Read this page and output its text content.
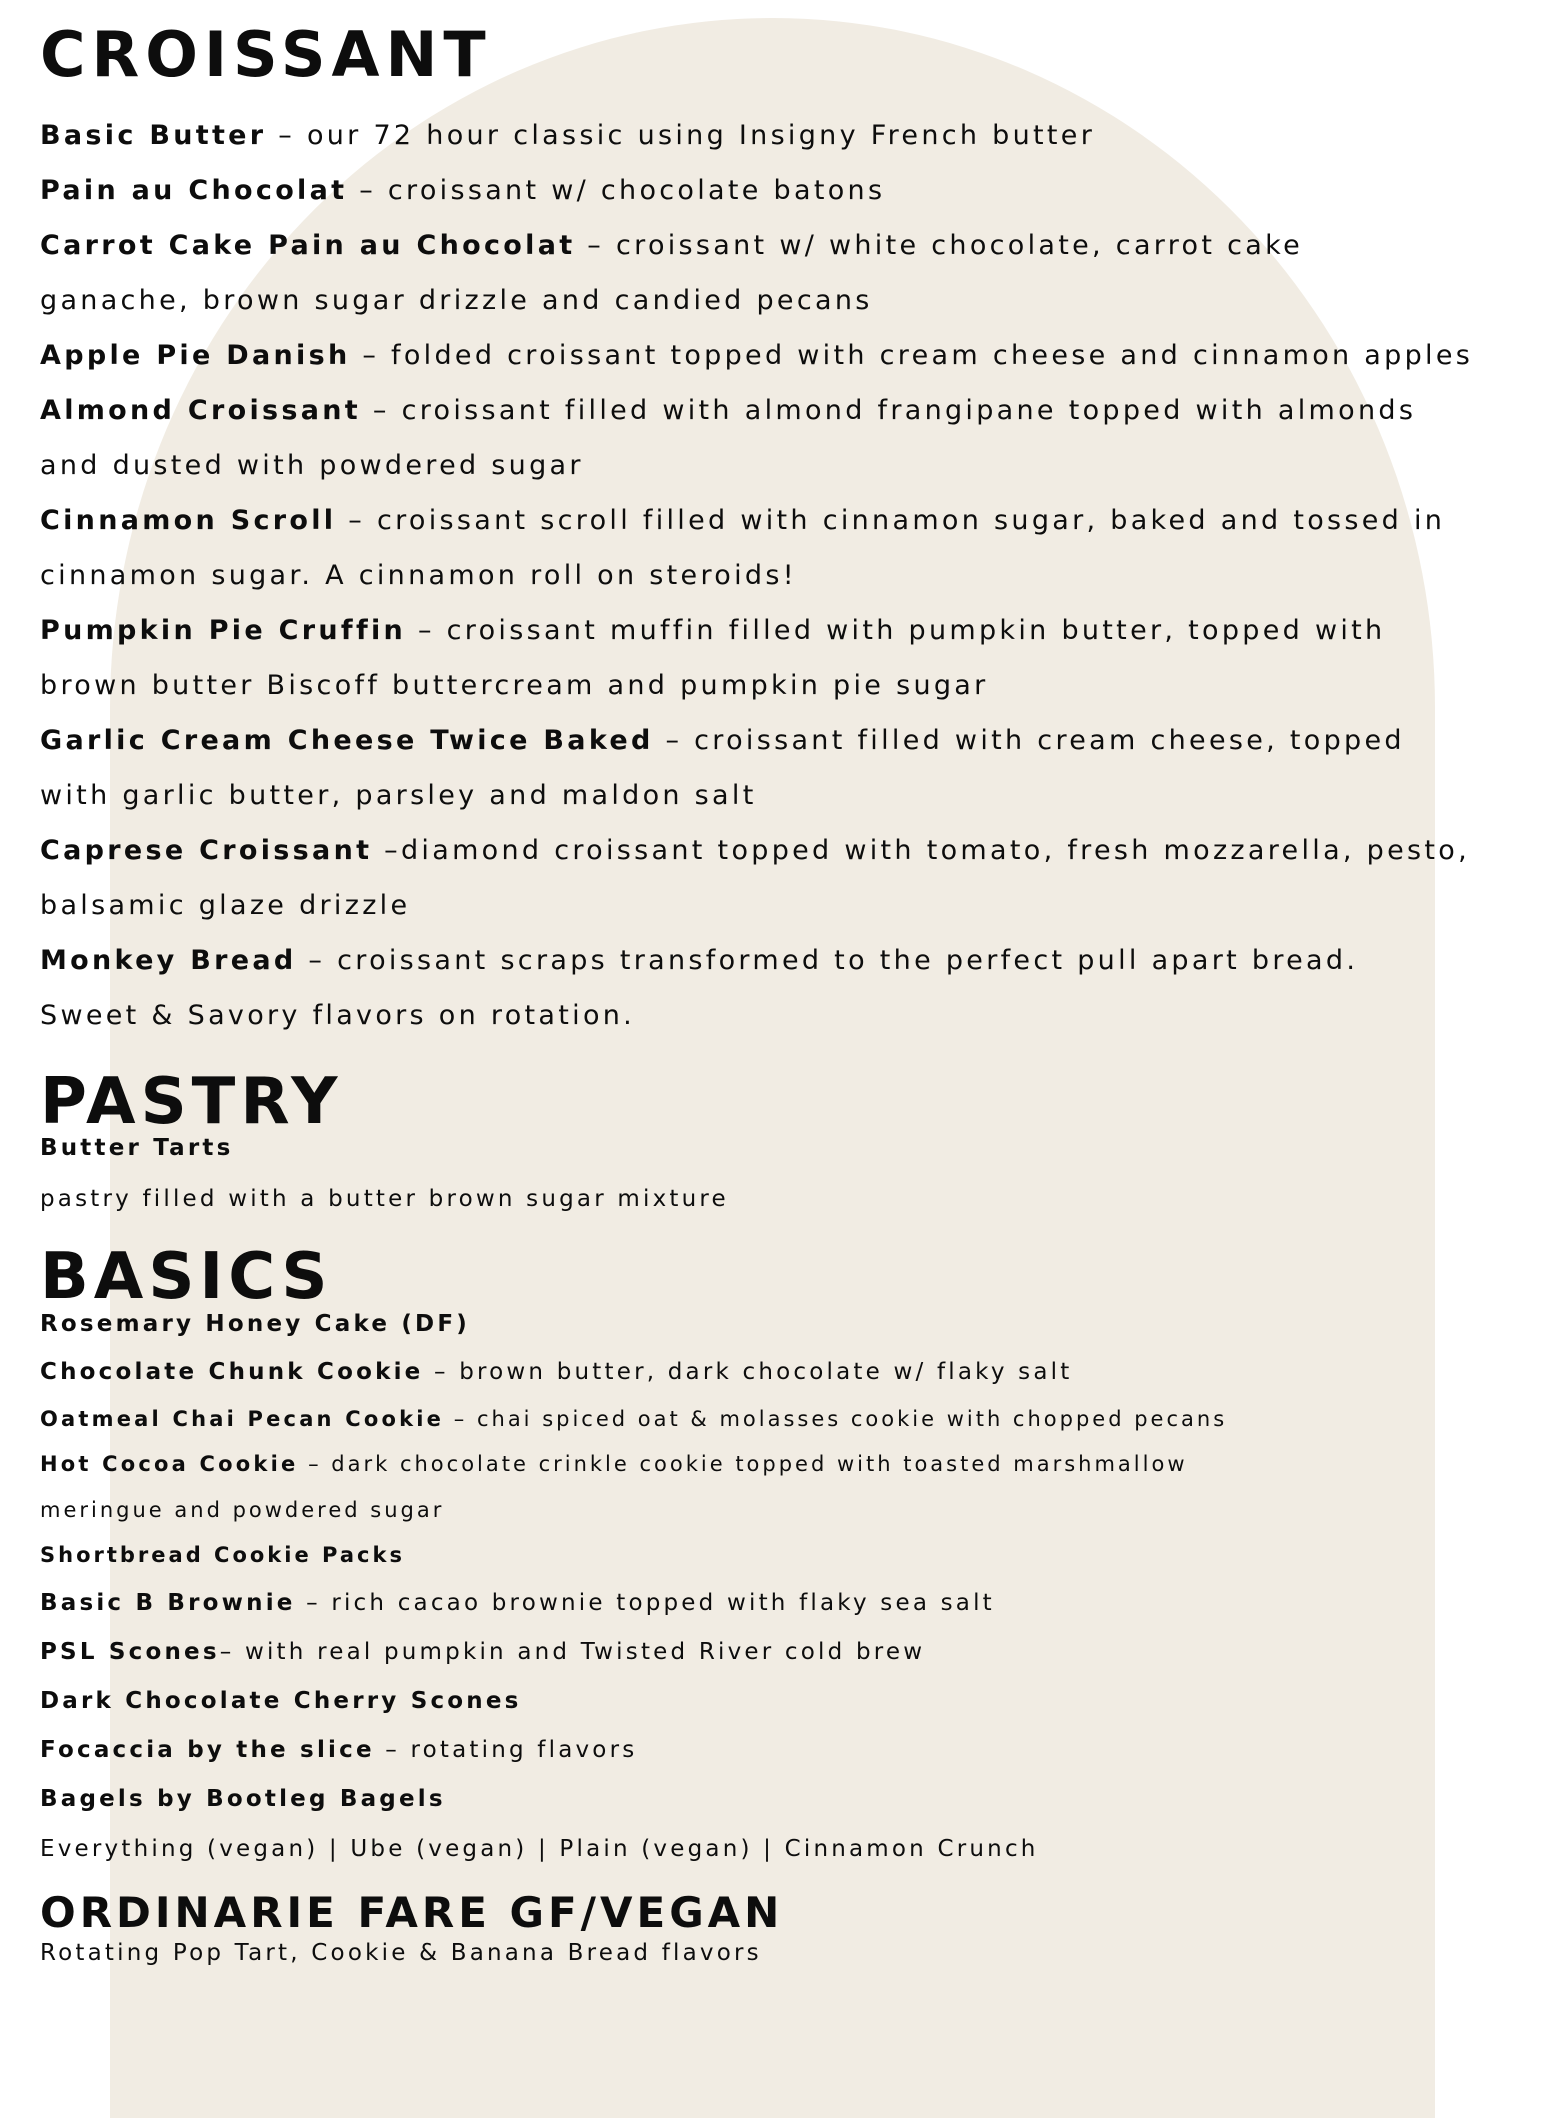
CROISSANT
Basic Butter – our 72 hour classic using Insigny French butter
Pain au Chocolat – croissant w/ chocolate batons
Carrot Cake Pain au Chocolat – croissant w/ white chocolate, carrot cake
ganache, brown sugar drizzle and candied pecans
Apple Pie Danish – folded croissant topped with cream cheese and cinnamon apples
Almond Croissant – croissant filled with almond frangipane topped with almonds
and dusted with powdered sugar
Cinnamon Scroll – croissant scroll filled with cinnamon sugar, baked and tossed in
cinnamon sugar. A cinnamon roll on steroids!
Pumpkin Pie Cruffin – croissant muffin filled with pumpkin butter, topped with
brown butter Biscoff buttercream and pumpkin pie sugar
Garlic Cream Cheese Twice Baked – croissant filled with cream cheese, topped
with garlic butter, parsley and maldon salt
Caprese Croissant –diamond croissant topped with tomato, fresh mozzarella, pesto,
balsamic glaze drizzle
Monkey Bread – croissant scraps transformed to the perfect pull apart bread.
Sweet & Savory flavors on rotation.
PASTRY
Butter Tarts
pastry filled with a butter brown sugar mixture
BASICS
Rosemary Honey Cake (DF)
Chocolate Chunk Cookie – brown butter, dark chocolate w/ flaky salt
Oatmeal Chai Pecan Cookie – chai spiced oat & molasses cookie with chopped pecans
Hot Cocoa Cookie – dark chocolate crinkle cookie topped with toasted marshmallow
meringue and powdered sugar
Shortbread Cookie Packs
Basic B Brownie – rich cacao brownie topped with flaky sea salt
PSL Scones– with real pumpkin and Twisted River cold brew
Dark Chocolate Cherry Scones
Focaccia by the slice – rotating flavors
Bagels by Bootleg Bagels
Everything (vegan) | Ube (vegan) | Plain (vegan) | Cinnamon Crunch
ORDINARIE FARE GF/VEGAN
Rotating Pop Tart, Cookie & Banana Bread flavors
